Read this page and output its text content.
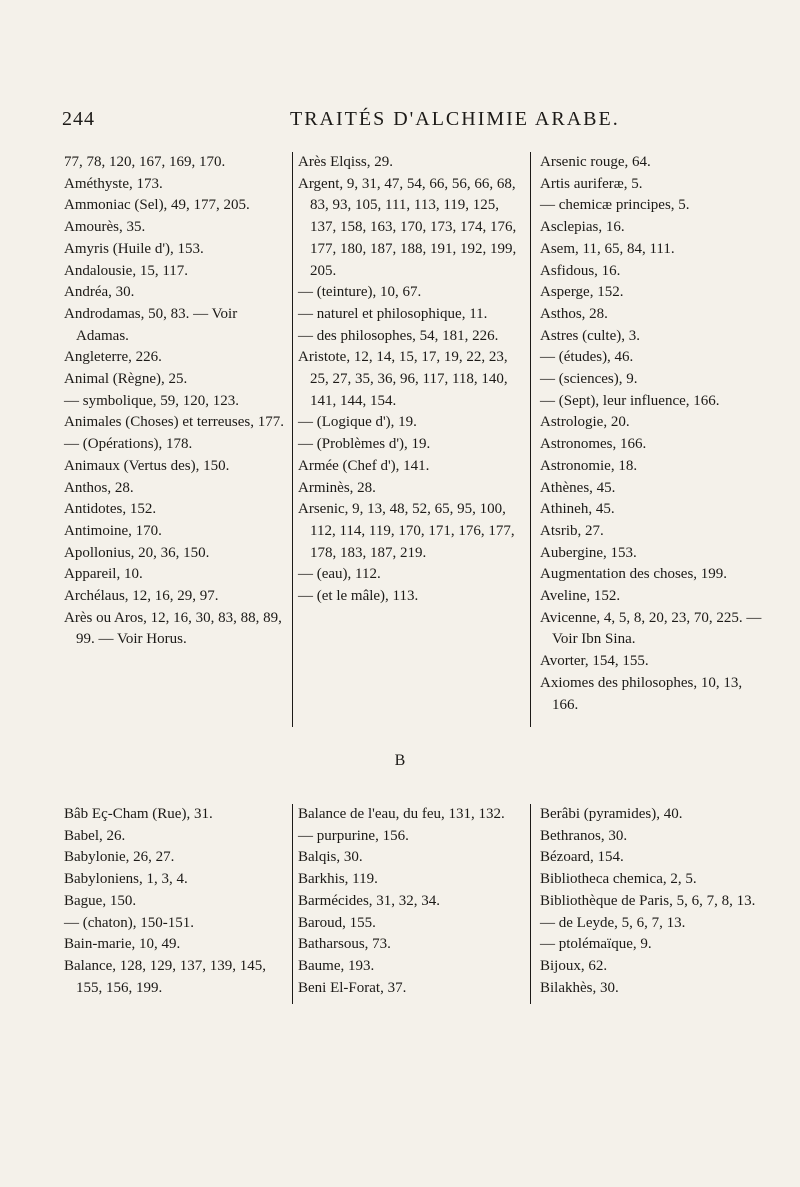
244	TRAITÉS D'ALCHIMIE ARABE.

77, 78, 120, 167, 169, 170.

Améthyste, 173.

Ammoniac (Sel), 49, 177, 205.

Amourès, 35.

Amyris (Huile d'), 153.

Andalousie, 15, 117.

Andréa, 30.

Androdamas, 50, 83. — Voir Adamas.

Angleterre, 226.

Animal (Règne), 25.

— symbolique, 59, 120, 123.

Animales (Choses) et terreuses, 177.

— (Opérations), 178.

Animaux (Vertus des), 150.

Anthos, 28.

Antidotes, 152.

Antimoine, 170.

Apollonius, 20, 36, 150.

Appareil, 10.

Archélaus, 12, 16, 29, 97.

Arès ou Aros, 12, 16, 30, 83, 88, 89, 99. — Voir Horus.

Arès Elqiss, 29.

Argent, 9, 31, 47, 54, 66, 56, 66, 68, 83, 93, 105, 111, 113, 119, 125, 137, 158, 163, 170, 173, 174, 176, 177, 180, 187, 188, 191, 192, 199, 205.

— (teinture), 10, 67.

— naturel et philosophique, 11.

— des philosophes, 54, 181, 226.

Aristote, 12, 14, 15, 17, 19, 22, 23, 25, 27, 35, 36, 96, 117, 118, 140, 141, 144, 154.

— (Logique d'), 19.

— (Problèmes d'), 19.

Armée (Chef d'), 141.

Arminès, 28.

Arsenic, 9, 13, 48, 52, 65, 95, 100, 112, 114, 119, 170, 171, 176, 177, 178, 183, 187, 219.

— (eau), 112.

— (et le mâle), 113.

Arsenic rouge, 64.

Artis auriferæ, 5.

— chemicæ principes, 5.

Asclepias, 16.

Asem, 11, 65, 84, 111.

Asfidous, 16.

Asperge, 152.

Asthos, 28.

Astres (culte), 3.

— (études), 46.

— (sciences), 9.

— (Sept), leur influence, 166.

Astrologie, 20.

Astronomes, 166.

Astronomie, 18.

Athènes, 45.

Athineh, 45.

Atsrib, 27.

Aubergine, 153.

Augmentation des choses, 199.

Aveline, 152.

Avicenne, 4, 5, 8, 20, 23, 70, 225. — Voir Ibn Sina.

Avorter, 154, 155.

Axiomes des philosophes, 10, 13, 166.

B

Bâb Eç-Cham (Rue), 31.

Babel, 26.

Babylonie, 26, 27.

Babyloniens, 1, 3, 4.

Bague, 150.

— (chaton), 150-151.

Bain-marie, 10, 49.

Balance, 128, 129, 137, 139, 145, 155, 156, 199.

Balance de l'eau, du feu, 131, 132.

— purpurine, 156.

Balqis, 30.

Barkhis, 119.

Barmécides, 31, 32, 34.

Baroud, 155.

Batharsous, 73.

Baume, 193.

Beni El-Forat, 37.

Berâbi (pyramides), 40.

Bethranos, 30.

Bézoard, 154.

Bibliotheca chemica, 2, 5.

Bibliothèque de Paris, 5, 6, 7, 8, 13.

— de Leyde, 5, 6, 7, 13.

— ptolémaïque, 9.

Bijoux, 62.

Bilakhès, 30.
